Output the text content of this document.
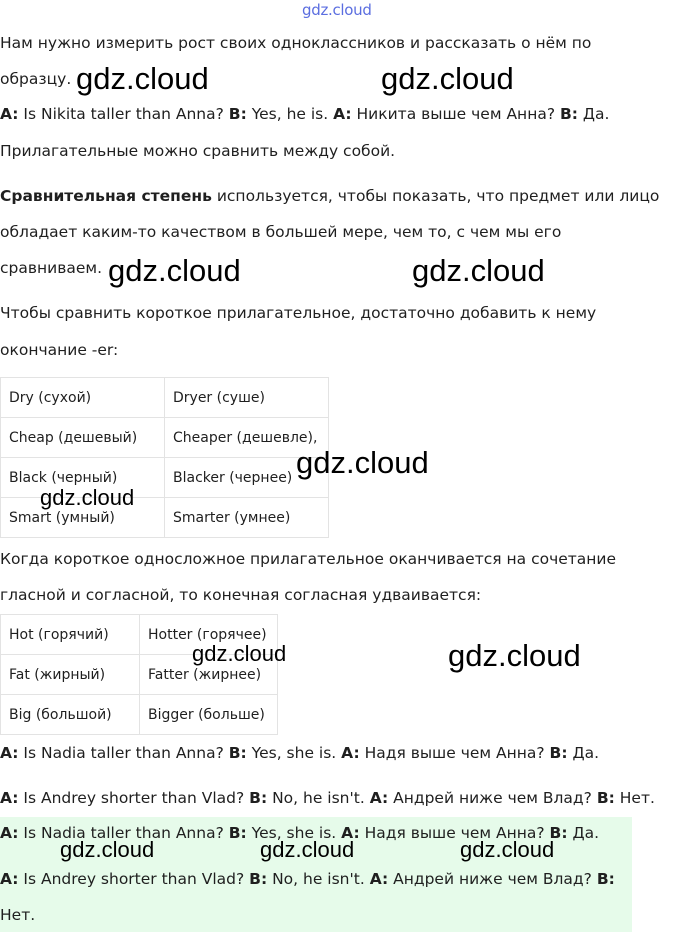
gdz.cloud

Нам нужно измерить рост своих одноклассников и рассказать о нём по

образцу.

A: Is Nikita taller than Anna? B: Yes, he is. A: Никита выше чем Анна? B: Да.

Прилагательные можно сравнить между собой.

Сравнительная степень используется, чтобы показать, что предмет или лицо

обладает каким-то качеством в большей мере, чем то, с чем мы его

сравниваем.

Чтобы сравнить короткое прилагательное, достаточно добавить к нему

окончание -er:

Dry (сухой)	Dryer (суше)
Cheap (дешевый)	Cheaper (дешевле),
Black (черный)	Blacker (чернее)
Smart (умный)	Smarter (умнее)

Когда короткое односложное прилагательное оканчивается на сочетание

гласной и согласной, то конечная согласная удваивается:

Hot (горячий)	Hotter (горячее)
Fat (жирный)	Fatter (жирнее)
Big (большой)	Bigger (больше)

A: Is Nadia taller than Anna? B: Yes, she is. A: Надя выше чем Анна? B: Да.

A: Is Andrey shorter than Vlad? B: No, he isn't. A: Андрей ниже чем Влад? B: Нет.

A: Is Nadia taller than Anna? B: Yes, she is. A: Надя выше чем Анна? B: Да.

A: Is Andrey shorter than Vlad? B: No, he isn't. A: Андрей ниже чем Влад? B:

Нет.

gdz.cloud	gdz.cloud
gdz.cloud	gdz.cloud
gdz.cloud
gdz.cloud
gdz.cloud	gdz.cloud
gdz.cloud	gdz.cloud	gdz.cloud
